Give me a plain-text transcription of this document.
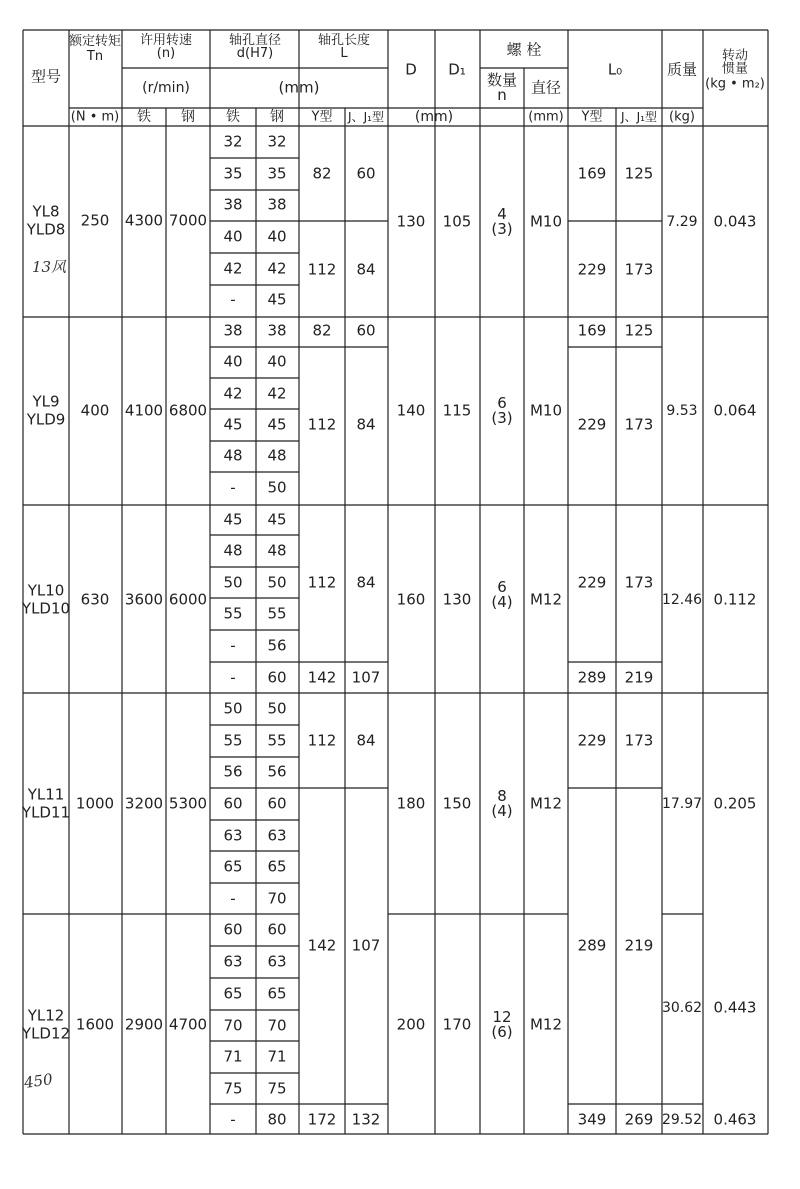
型号
额定转矩
Tn
许用转速
(n)
(r/min)
轴孔直径
d(H7)
轴孔长度
L
(mm)
D D₁
螺 栓
数量
n 直径
L₀	质量
转动
惯量
(kg • m₂)
(N • m) 铁 钢 铁 钢 Y型 J、J₁型 (mm)	(mm) Y型 J、J₁型 (kg)
YL8
YLD8 250 4300 7000
32 32
35 35
38 38
40 40
42 42
- 45
82 60
112 84
130 105 4
(3) M10
169 125
229 173
7.29 0.043
YL9
YLD9 400 4100 6800
38 38
40 40
42 42
45 45
48 48
- 50
82 60
112 84
140 115 6
(3) M10
169 125
229 173
9.53 0.064
YL10
YLD10 630 3600 6000
45 45
48 48
50 50
55 55
- 56
- 60
112 84
142 107
160 130
6
(4) M12
229 173
289 219
12.46 0.112
YL11
YLD11 1000 3200 5300
50 50
55 55
56 56
60 60
63 63
65 65
- 70
112 84
180 150 8
(4) M12
229 173
17.97 0.205
YL12
YLD12 1600 2900 4700
60 60
63 63
65 65
70 70
71 71
75 75
- 80
142 107
172 132
200 170 12
(6) M12
289 219
349 269
30.62 0.443
29.52 0.463
13风
450
